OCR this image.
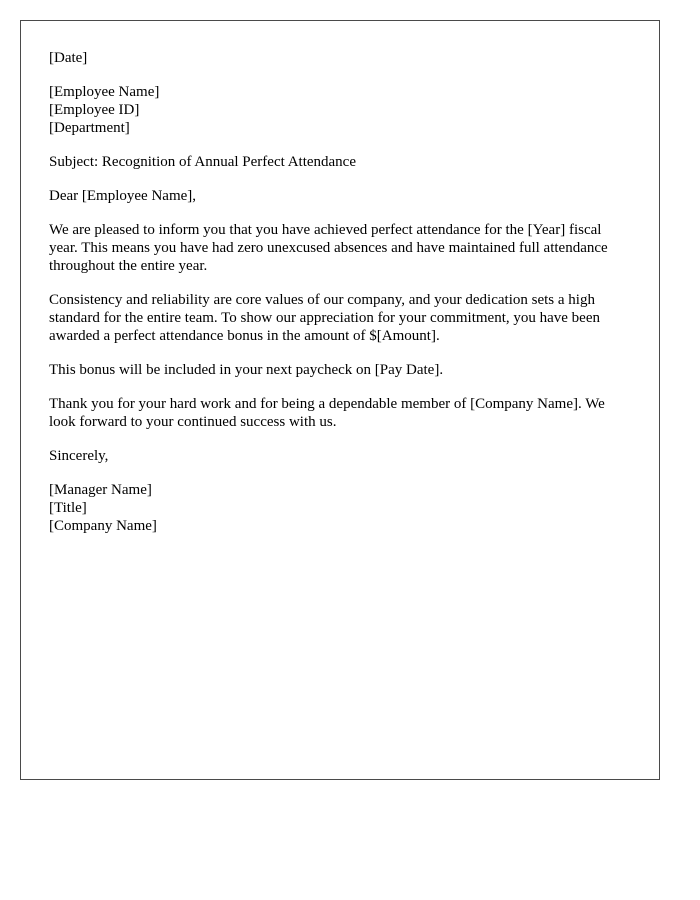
[Date]
[Employee Name]
[Employee ID]
[Department]
Subject: Recognition of Annual Perfect Attendance
Dear [Employee Name],
We are pleased to inform you that you have achieved perfect attendance for the [Year] fiscal year. This means you have had zero unexcused absences and have maintained full attendance throughout the entire year.
Consistency and reliability are core values of our company, and your dedication sets a high standard for the entire team. To show our appreciation for your commitment, you have been awarded a perfect attendance bonus in the amount of $[Amount].
This bonus will be included in your next paycheck on [Pay Date].
Thank you for your hard work and for being a dependable member of [Company Name]. We look forward to your continued success with us.
Sincerely,
[Manager Name]
[Title]
[Company Name]
